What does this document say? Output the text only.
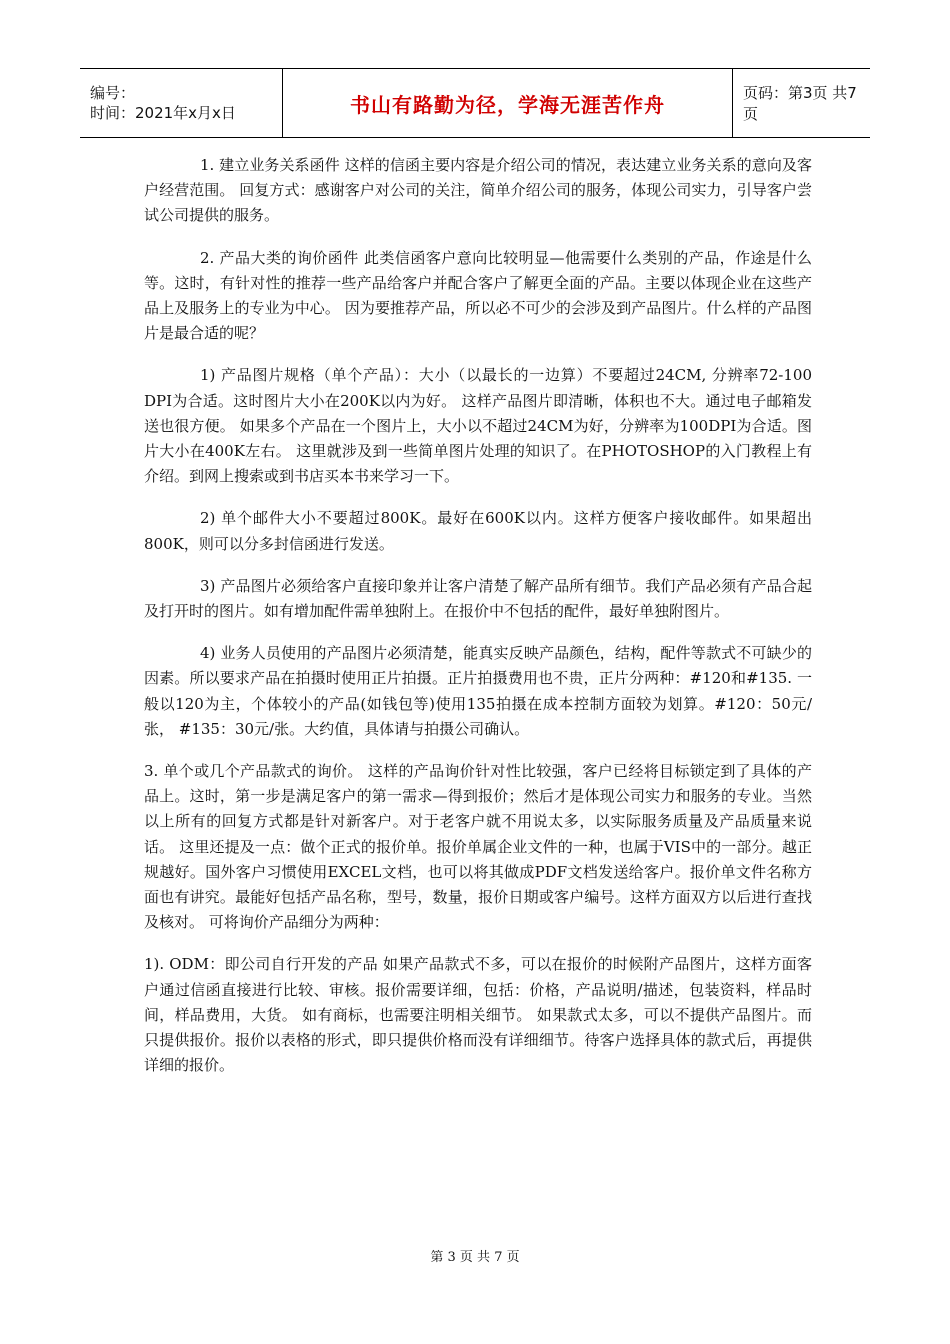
编号：
时间：2021年x月x日	书山有路勤为径，学海无涯苦作舟	页码：第3页 共7页

1. 建立业务关系函件 这样的信函主要内容是介绍公司的情况，表达建立业务关系的意向及客户经营范围。 回复方式：感谢客户对公司的关注，简单介绍公司的服务，体现公司实力，引导客户尝试公司提供的服务。

2. 产品大类的询价函件 此类信函客户意向比较明显—他需要什么类别的产品，作途是什么等。这时，有针对性的推荐一些产品给客户并配合客户了解更全面的产品。主要以体现企业在这些产品上及服务上的专业为中心。 因为要推荐产品，所以必不可少的会涉及到产品图片。什么样的产品图片是最合适的呢？

1) 产品图片规格（单个产品）：大小（以最长的一边算）不要超过24CM, 分辨率72-100 DPI为合适。这时图片大小在200K以内为好。 这样产品图片即清晰，体积也不大。通过电子邮箱发送也很方便。 如果多个产品在一个图片上，大小以不超过24CM为好，分辨率为100DPI为合适。图片大小在400K左右。 这里就涉及到一些简单图片处理的知识了。在PHOTOSHOP的入门教程上有介绍。到网上搜索或到书店买本书来学习一下。

2) 单个邮件大小不要超过800K。最好在600K以内。这样方便客户接收邮件。如果超出800K，则可以分多封信函进行发送。

3) 产品图片必须给客户直接印象并让客户清楚了解产品所有细节。我们产品必须有产品合起及打开时的图片。如有增加配件需单独附上。在报价中不包括的配件，最好单独附图片。

4) 业务人员使用的产品图片必须清楚，能真实反映产品颜色，结构，配件等款式不可缺少的因素。所以要求产品在拍摄时使用正片拍摄。正片拍摄费用也不贵，正片分两种：#120和#135. 一般以120为主，个体较小的产品(如钱包等)使用135拍摄在成本控制方面较为划算。#120：50元/张， #135：30元/张。大约值，具体请与拍摄公司确认。

3. 单个或几个产品款式的询价。 这样的产品询价针对性比较强，客户已经将目标锁定到了具体的产品上。这时，第一步是满足客户的第一需求—得到报价；然后才是体现公司实力和服务的专业。当然以上所有的回复方式都是针对新客户。对于老客户就不用说太多，以实际服务质量及产品质量来说话。 这里还提及一点：做个正式的报价单。报价单属企业文件的一种，也属于VIS中的一部分。越正规越好。国外客户习惯使用EXCEL文档，也可以将其做成PDF文档发送给客户。报价单文件名称方面也有讲究。最能好包括产品名称，型号，数量，报价日期或客户编号。这样方面双方以后进行查找及核对。 可将询价产品细分为两种：

1). ODM：即公司自行开发的产品 如果产品款式不多，可以在报价的时候附产品图片，这样方面客户通过信函直接进行比较、审核。报价需要详细，包括：价格，产品说明/描述，包装资料，样品时间，样品费用，大货。 如有商标，也需要注明相关细节。 如果款式太多，可以不提供产品图片。而只提供报价。报价以表格的形式，即只提供价格而没有详细细节。待客户选择具体的款式后，再提供详细的报价。

第 3 页 共 7 页
